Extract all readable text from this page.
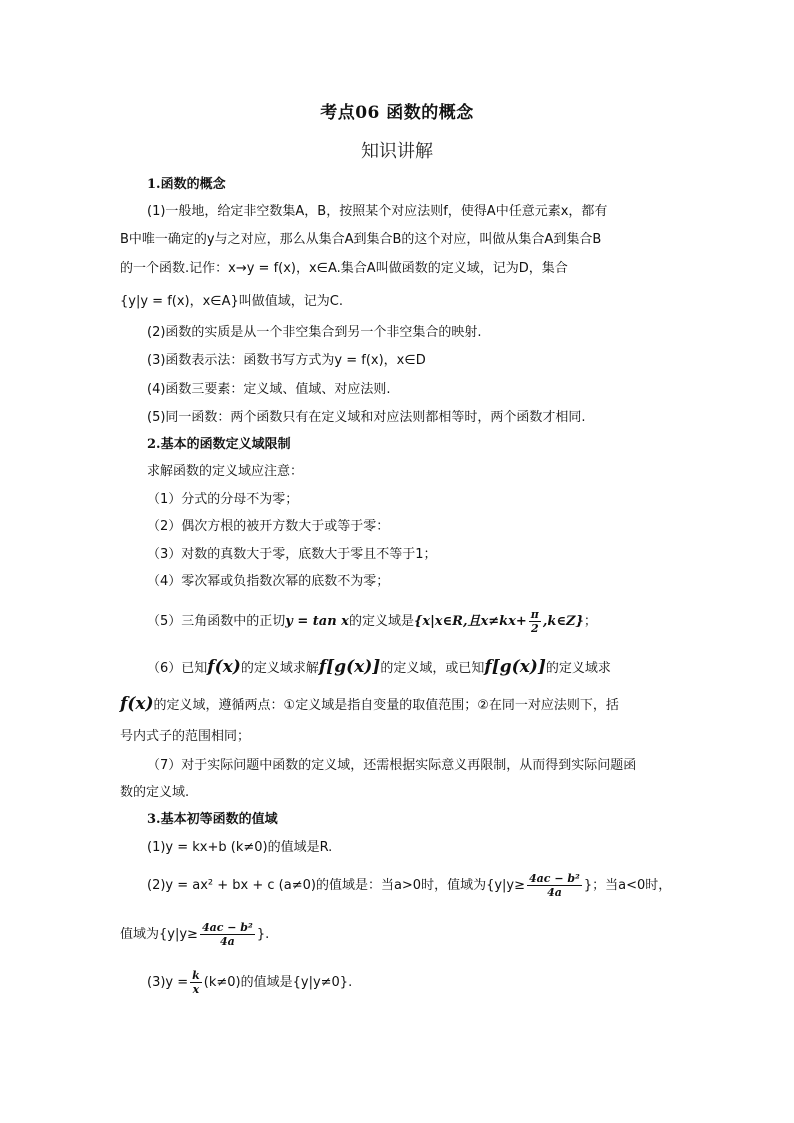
考点06 函数的概念
知识讲解
1.函数的概念
(1)一般地，给定非空数集A，B，按照某个对应法则f，使得A中任意元素x，都有
B中唯一确定的y与之对应，那么从集合A到集合B的这个对应，叫做从集合A到集合B
的一个函数.记作：x→y = f(x)，x∈A.集合A叫做函数的定义域，记为D，集合
{y|y = f(x)，x∈A}叫做值域，记为C.
(2)函数的实质是从一个非空集合到另一个非空集合的映射.
(3)函数表示法：函数书写方式为y = f(x)，x∈D
(4)函数三要素：定义域、值域、对应法则.
(5)同一函数：两个函数只有在定义域和对应法则都相等时，两个函数才相同.
2.基本的函数定义域限制
求解函数的定义域应注意：
（1）分式的分母不为零；
（2）偶次方根的被开方数大于或等于零：
（3）对数的真数大于零，底数大于零且不等于1；
（4）零次幂或负指数次幂的底数不为零；
（5）三角函数中的正切y = tan x的定义域是{x|x∈R,且$x\ne kx+ \frac{\pi}{2}$ ,k∈Z}；
（6）已知f(x)的定义域求解f[g(x)]的定义域，或已知f[g(x)]的定义域求
f(x)的定义域，遵循两点：①定义域是指自变量的取值范围；②在同一对应法则下，括
号内式子的范围相同；
（7）对于实际问题中函数的定义域，还需根据实际意义再限制，从而得到实际问题函
数的定义域.
3.基本初等函数的值域
(1)y = kx+b (k≠0)的值域是R.
(2)y = ax² + bx + c (a≠0)的值域是：当a>0时，值域为{$y|y\ge \frac{\text{4ac − b²}}{4a}$ }；当a<0时，
值域为{$y|y\ge \frac{\text{4ac − b²}}{4a}$ }.
$(3)y = \frac{k}{x} (k\ne 0)$的值域是{y|y≠0}.
